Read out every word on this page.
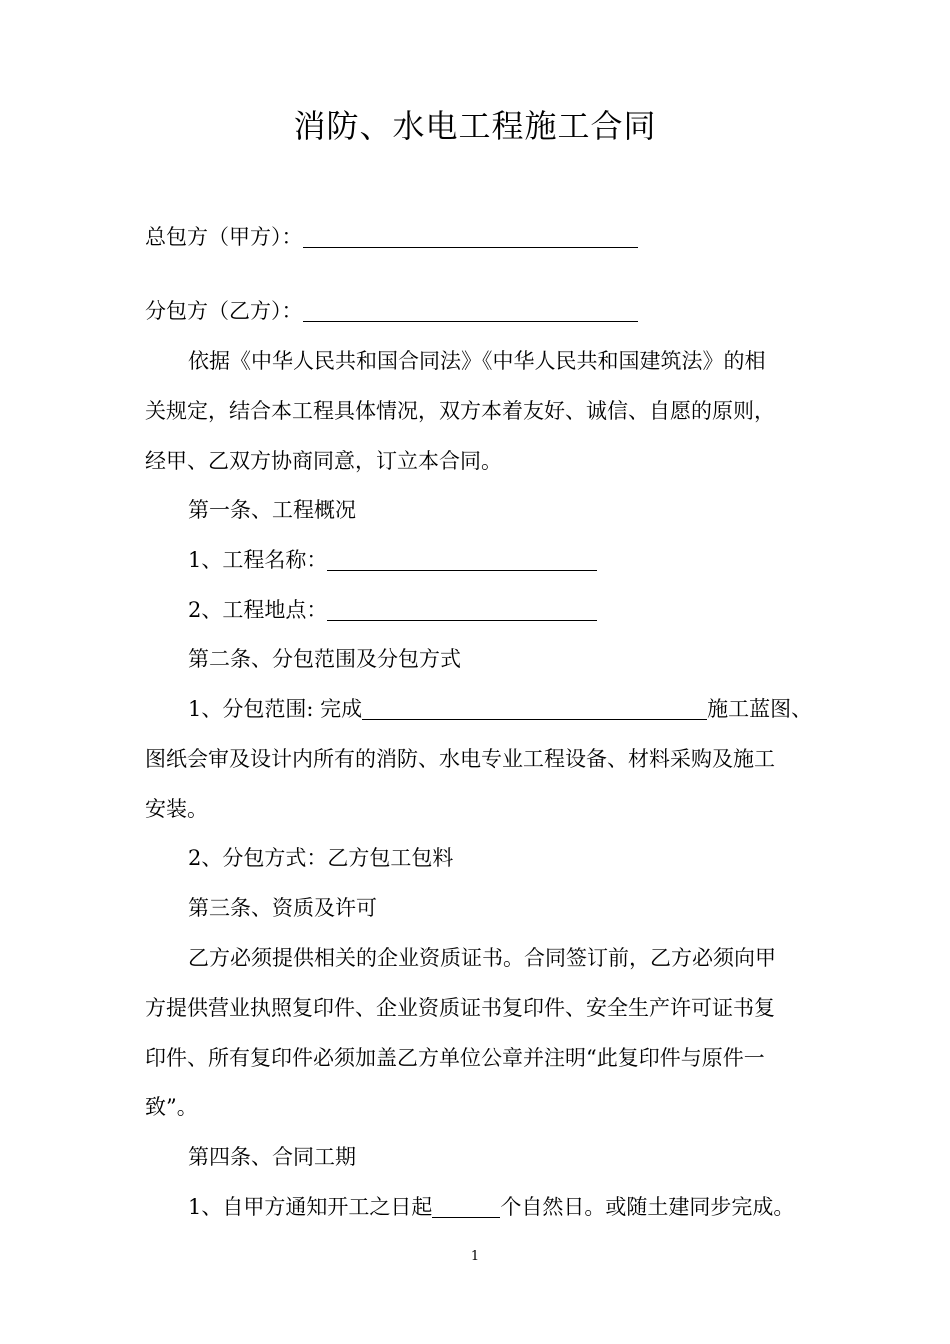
消防、水电工程施工合同
总包方（甲方）：
分包方（乙方）：
依据《中华人民共和国合同法》《中华人民共和国建筑法》的相
关规定，结合本工程具体情况，双方本着友好、诚信、自愿的原则，
经甲、乙双方协商同意，订立本合同。
第一条、工程概况
1、工程名称：
2、工程地点：
第二条、分包范围及分包方式
1、分包范围: 完成	施工蓝图、
图纸会审及设计内所有的消防、水电专业工程设备、材料采购及施工
安装。
2、分包方式：乙方包工包料
第三条、资质及许可
乙方必须提供相关的企业资质证书。合同签订前，乙方必须向甲
方提供营业执照复印件、企业资质证书复印件、安全生产许可证书复
印件、所有复印件必须加盖乙方单位公章并注明“此复印件与原件一
致”。
第四条、合同工期
1、自甲方通知开工之日起	个自然日。或随土建同步完成。
1
